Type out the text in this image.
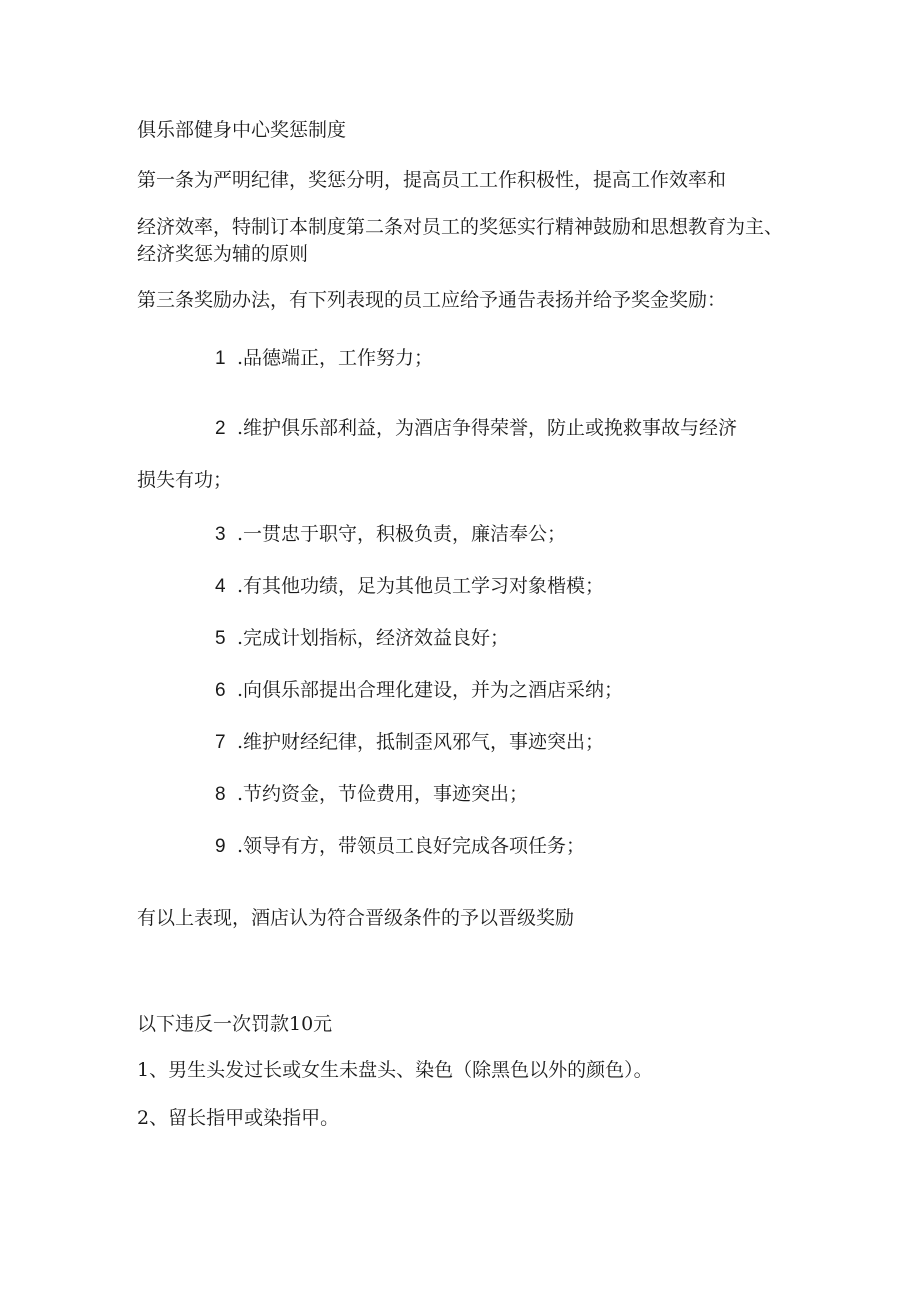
俱乐部健身中心奖惩制度

第一条为严明纪律，奖惩分明，提高员工工作积极性，提高工作效率和

经济效率，特制订本制度第二条对员工的奖惩实行精神鼓励和思想教育为主、经济奖惩为辅的原则

第三条奖励办法，有下列表现的员工应给予通告表扬并给予奖金奖励：

1 .品德端正，工作努力；

2 .维护俱乐部利益，为酒店争得荣誉，防止或挽救事故与经济

损失有功；

3 .一贯忠于职守，积极负责，廉洁奉公；

4 .有其他功绩，足为其他员工学习对象楷模；

5 .完成计划指标，经济效益良好；

6 .向俱乐部提出合理化建设，并为之酒店采纳；

7 .维护财经纪律，抵制歪风邪气，事迹突出；

8 .节约资金，节俭费用，事迹突出；

9 .领导有方，带领员工良好完成各项任务；

有以上表现，酒店认为符合晋级条件的予以晋级奖励

以下违反一次罚款10元

1、男生头发过长或女生未盘头、染色（除黑色以外的颜色）。

2、留长指甲或染指甲。
